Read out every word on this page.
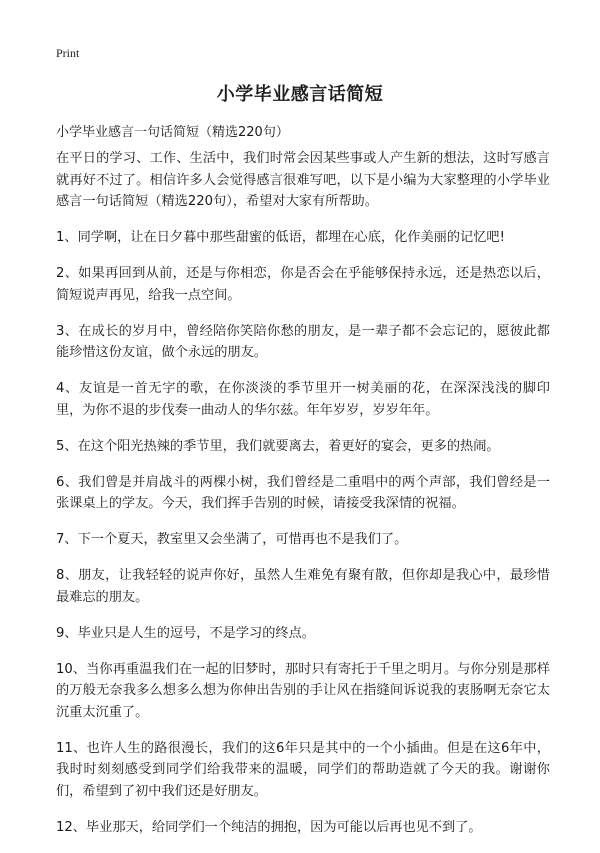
Print
小学毕业感言话简短

小学毕业感言一句话简短（精选220句）

在平日的学习、工作、生活中，我们时常会因某些事或人产生新的想法，这时写感言就再好不过了。相信许多人会觉得感言很难写吧，以下是小编为大家整理的小学毕业感言一句话简短（精选220句），希望对大家有所帮助。

1、同学啊，让在日夕暮中那些甜蜜的低语，都埋在心底，化作美丽的记忆吧!

2、如果再回到从前，还是与你相恋，你是否会在乎能够保持永远，还是热恋以后，简短说声再见，给我一点空间。

3、在成长的岁月中，曾经陪你笑陪你愁的朋友，是一辈子都不会忘记的，愿彼此都能珍惜这份友谊，做个永远的朋友。

4、友谊是一首无字的歌，在你淡淡的季节里开一树美丽的花，在深深浅浅的脚印里，为你不退的步伐奏一曲动人的华尔兹。年年岁岁，岁岁年年。

5、在这个阳光热辣的季节里，我们就要离去，着更好的宴会，更多的热闹。

6、我们曾是并肩战斗的两棵小树，我们曾经是二重唱中的两个声部，我们曾经是一张课桌上的学友。今天，我们挥手告别的时候，请接受我深情的祝福。

7、下一个夏天，教室里又会坐满了，可惜再也不是我们了。

8、朋友，让我轻轻的说声你好，虽然人生难免有聚有散，但你却是我心中，最珍惜最难忘的朋友。

9、毕业只是人生的逗号，不是学习的终点。

10、当你再重温我们在一起的旧梦时，那时只有寄托于千里之明月。与你分别是那样的万般无奈我多么想多么想为你伸出告别的手让风在指缝间诉说我的衷肠啊无奈它太沉重太沉重了。

11、也许人生的路很漫长，我们的这6年只是其中的一个小插曲。但是在这6年中，我时时刻刻感受到同学们给我带来的温暖，同学们的帮助造就了今天的我。谢谢你们，希望到了初中我们还是好朋友。

12、毕业那天，给同学们一个纯洁的拥抱，因为可能以后再也见不到了。
